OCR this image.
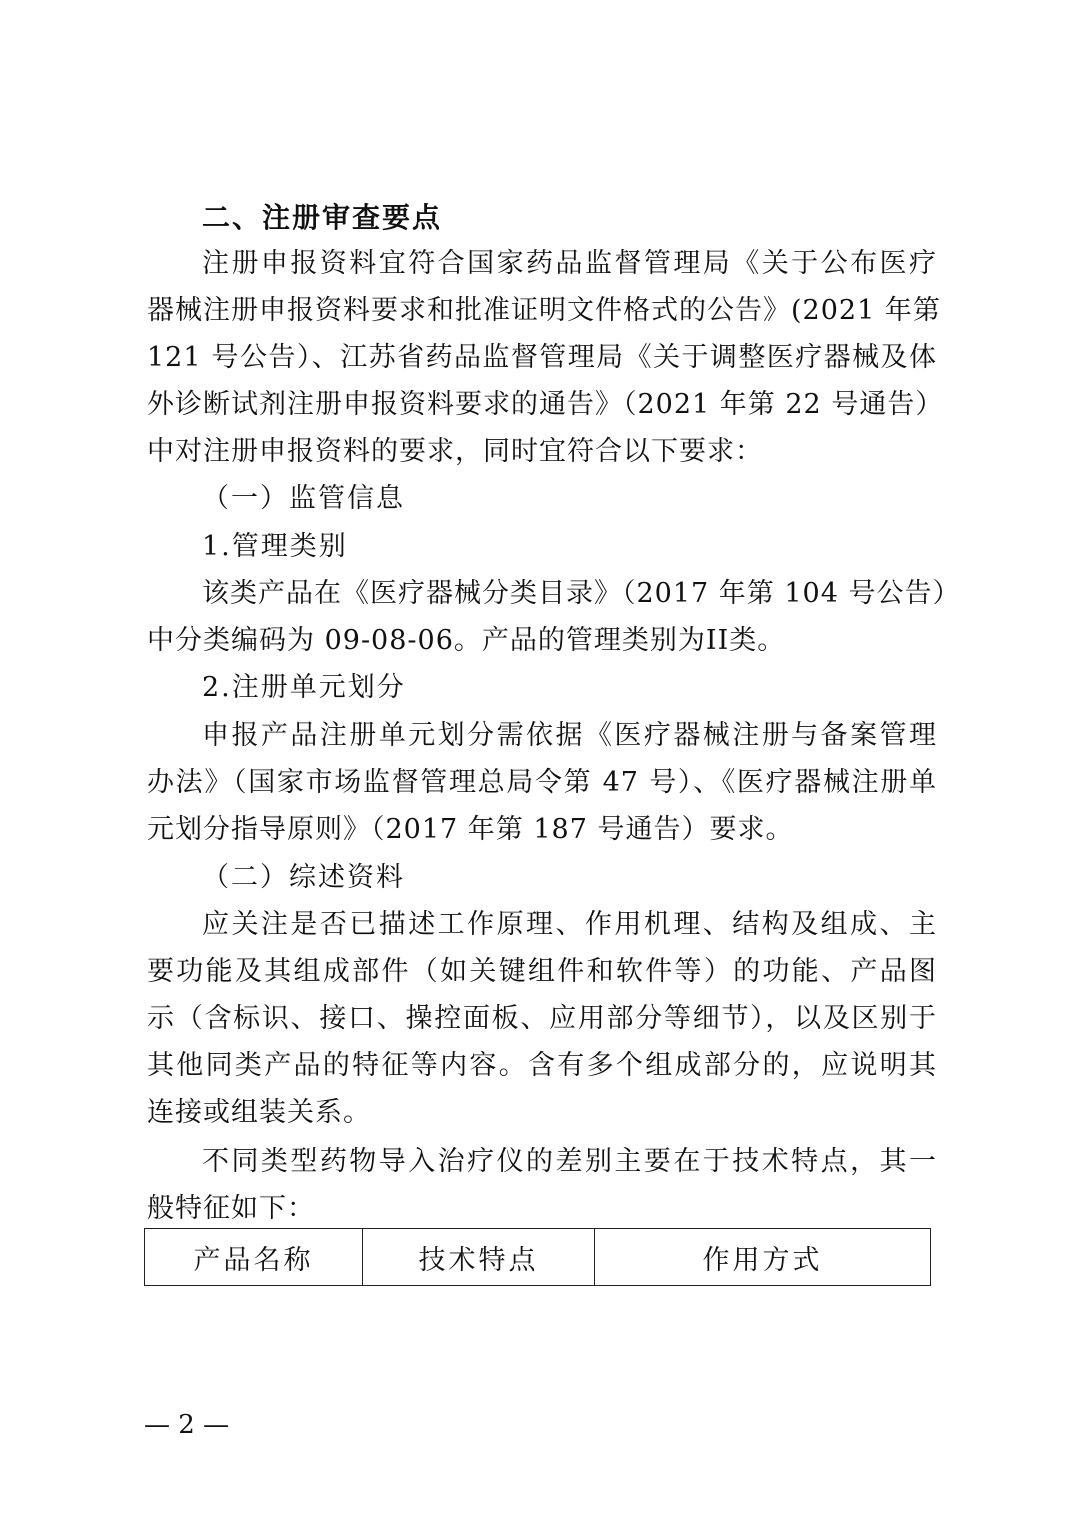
二、注册审查要点
注册申报资料宜符合国家药品监督管理局《关于公布医疗
器械注册申报资料要求和批准证明文件格式的公告》(2021 年第
121 号公告）、江苏省药品监督管理局《关于调整医疗器械及体
外诊断试剂注册申报资料要求的通告》（2021 年第 22 号通告）
中对注册申报资料的要求，同时宜符合以下要求：
（一）监管信息
1.管理类别
该类产品在《医疗器械分类目录》（2017 年第 104 号公告）
中分类编码为 09-08-06。产品的管理类别为II类。
2.注册单元划分
申报产品注册单元划分需依据《医疗器械注册与备案管理
办法》（国家市场监督管理总局令第 47 号）、《医疗器械注册单
元划分指导原则》（2017 年第 187 号通告）要求。
（二）综述资料
应关注是否已描述工作原理、作用机理、结构及组成、主
要功能及其组成部件（如关键组件和软件等）的功能、产品图
示（含标识、接口、操控面板、应用部分等细节），以及区别于
其他同类产品的特征等内容。含有多个组成部分的，应说明其
连接或组装关系。
不同类型药物导入治疗仪的差别主要在于技术特点，其一
般特征如下：
产品名称	技术特点	作用方式
— 2 —
